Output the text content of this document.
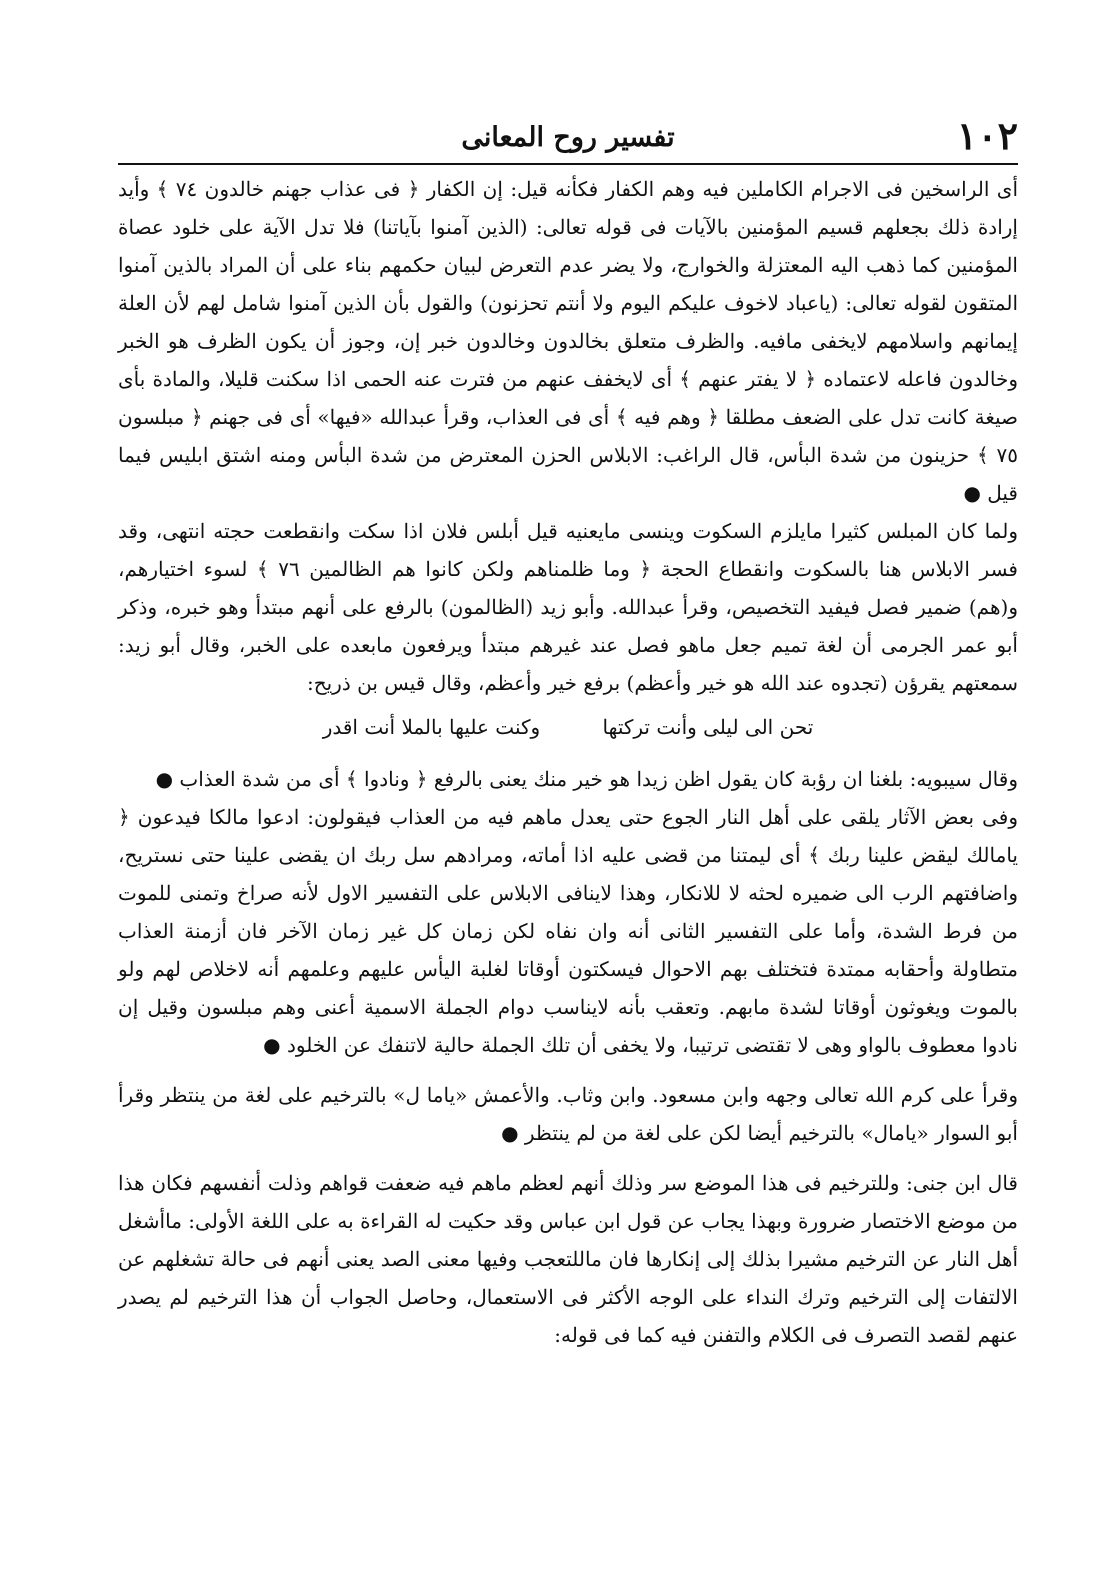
١٠٢
تفسير روح المعانى

أى الراسخين فى الاجرام الكاملين فيه وهم الكفار فكأنه قيل: إن الكفار ﴿ فى عذاب جهنم خالدون ٧٤ ﴾ وأيد إرادة ذلك بجعلهم قسيم المؤمنين بالآيات فى قوله تعالى: (الذين آمنوا بآياتنا) فلا تدل الآية على خلود عصاة المؤمنين كما ذهب اليه المعتزلة والخوارج، ولا يضر عدم التعرض لبيان حكمهم بناء على أن المراد بالذين آمنوا المتقون لقوله تعالى: (ياعباد لاخوف عليكم اليوم ولا أنتم تحزنون) والقول بأن الذين آمنوا شامل لهم لأن العلة إيمانهم واسلامهم لايخفى مافيه. والظرف متعلق بخالدون وخالدون خبر إن، وجوز أن يكون الظرف هو الخبر وخالدون فاعله لاعتماده ﴿ لا يفتر عنهم ﴾ أى لايخفف عنهم من فترت عنه الحمى اذا سكنت قليلا، والمادة بأى صيغة كانت تدل على الضعف مطلقا ﴿ وهم فيه ﴾ أى فى العذاب، وقرأ عبدالله «فيها» أى فى جهنم ﴿ مبلسون ٧٥ ﴾ حزينون من شدة البأس، قال الراغب: الابلاس الحزن المعترض من شدة البأس ومنه اشتق ابليس فيما قيل ●

ولما كان المبلس كثيرا مايلزم السكوت وينسى مايعنيه قيل أبلس فلان اذا سكت وانقطعت حجته انتهى، وقد فسر الابلاس هنا بالسكوت وانقطاع الحجة ﴿ وما ظلمناهم ولكن كانوا هم الظالمين ٧٦ ﴾ لسوء اختيارهم، و(هم) ضمير فصل فيفيد التخصيص، وقرأ عبدالله. وأبو زيد (الظالمون) بالرفع على أنهم مبتدأ وهو خبره، وذكر أبو عمر الجرمى أن لغة تميم جعل ماهو فصل عند غيرهم مبتدأ ويرفعون مابعده على الخبر، وقال أبو زيد: سمعتهم يقرؤن (تجدوه عند الله هو خير وأعظم) برفع خير وأعظم، وقال قيس بن ذريح:

تحن الى ليلى وأنت تركتها وكنت عليها بالملا أنت اقدر

وقال سيبويه: بلغنا ان رؤبة كان يقول اظن زيدا هو خير منك يعنى بالرفع ﴿ ونادوا ﴾ أى من شدة العذاب ●

وفى بعض الآثار يلقى على أهل النار الجوع حتى يعدل ماهم فيه من العذاب فيقولون: ادعوا مالكا فيدعون ﴿ يامالك ليقض علينا ربك ﴾ أى ليمتنا من قضى عليه اذا أماته، ومرادهم سل ربك ان يقضى علينا حتى نستريح، واضافتهم الرب الى ضميره لحثه لا للانكار، وهذا لاينافى الابلاس على التفسير الاول لأنه صراخ وتمنى للموت من فرط الشدة، وأما على التفسير الثانى أنه وان نفاه لكن زمان كل غير زمان الآخر فان أزمنة العذاب متطاولة وأحقابه ممتدة فتختلف بهم الاحوال فيسكتون أوقاتا لغلبة اليأس عليهم وعلمهم أنه لاخلاص لهم ولو بالموت ويغوثون أوقاتا لشدة مابهم. وتعقب بأنه لايناسب دوام الجملة الاسمية أعنى وهم مبلسون وقيل إن نادوا معطوف بالواو وهى لا تقتضى ترتيبا، ولا يخفى أن تلك الجملة حالية لاتنفك عن الخلود ●

وقرأ على كرم الله تعالى وجهه وابن مسعود. وابن وثاب. والأعمش «ياما ل» بالترخيم على لغة من ينتظر وقرأ أبو السوار «يامال» بالترخيم أيضا لكن على لغة من لم ينتظر ●

قال ابن جنى: وللترخيم فى هذا الموضع سر وذلك أنهم لعظم ماهم فيه ضعفت قواهم وذلت أنفسهم فكان هذا من موضع الاختصار ضرورة وبهذا يجاب عن قول ابن عباس وقد حكيت له القراءة به على اللغة الأولى: ماأشغل أهل النار عن الترخيم مشيرا بذلك إلى إنكارها فان ماللتعجب وفيها معنى الصد يعنى أنهم فى حالة تشغلهم عن الالتفات إلى الترخيم وترك النداء على الوجه الأكثر فى الاستعمال، وحاصل الجواب أن هذا الترخيم لم يصدر عنهم لقصد التصرف فى الكلام والتفنن فيه كما فى قوله:
